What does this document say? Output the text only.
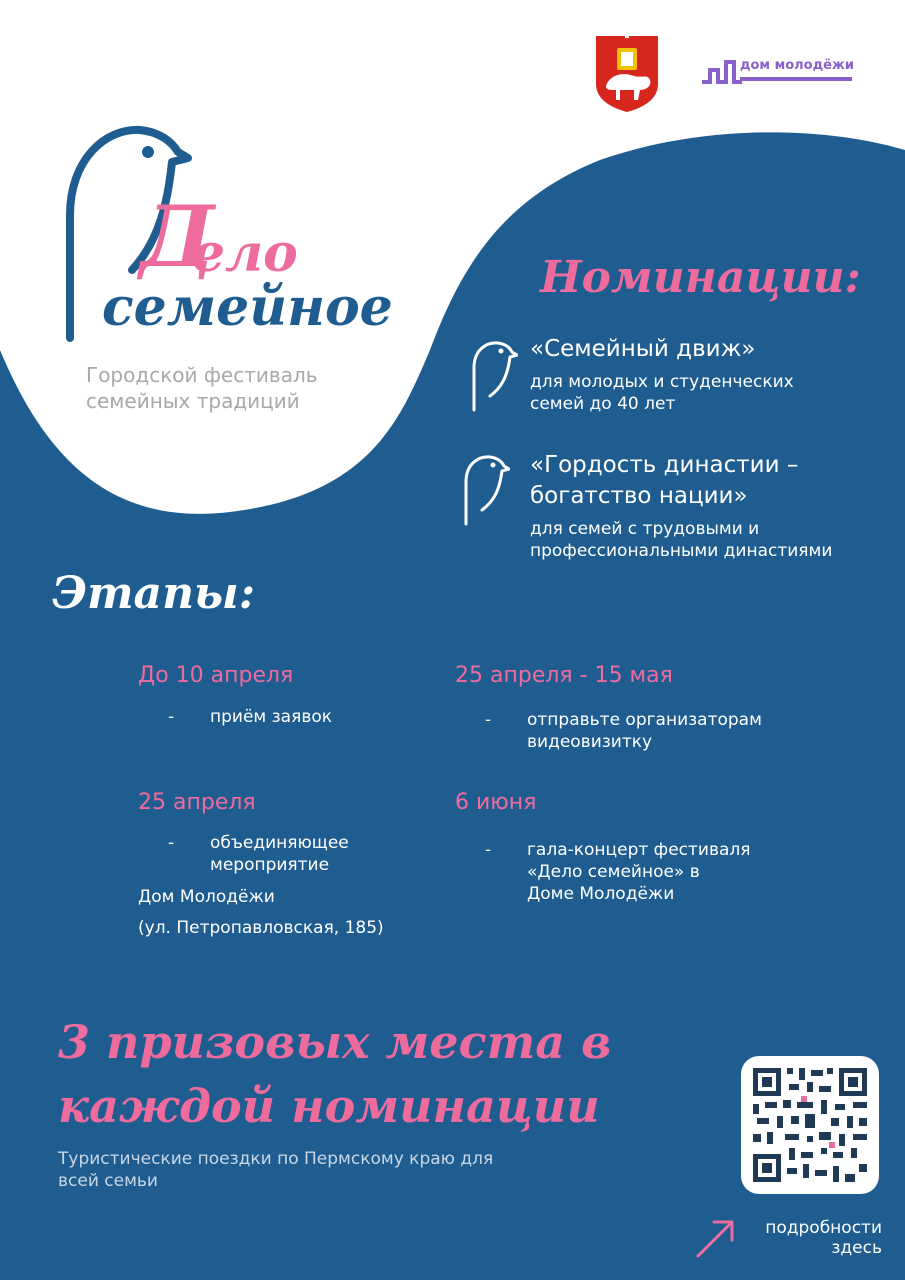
дом молодёжи
Д
ело
семейное
Городской фестиваль
семейных традиций
Номинации:
«Семейный движ»
для молодых и студенческих
семей до 40 лет
«Гордость династии –
богатство нации»
для семей с трудовыми и
профессиональными династиями
Этапы:
До 10 апреля
- приём заявок
25 апреля - 15 мая
- отправьте организаторам
видеовизитку
25 апреля
- объединяющее
мероприятие
Дом Молодёжи
(ул. Петропавловская, 185)
6 июня
- гала-концерт фестиваля
«Дело семейное» в
Доме Молодёжи
3 призовых места в каждой номинации
Туристические поездки по Пермскому краю для всей семьи
подробности
здесь
